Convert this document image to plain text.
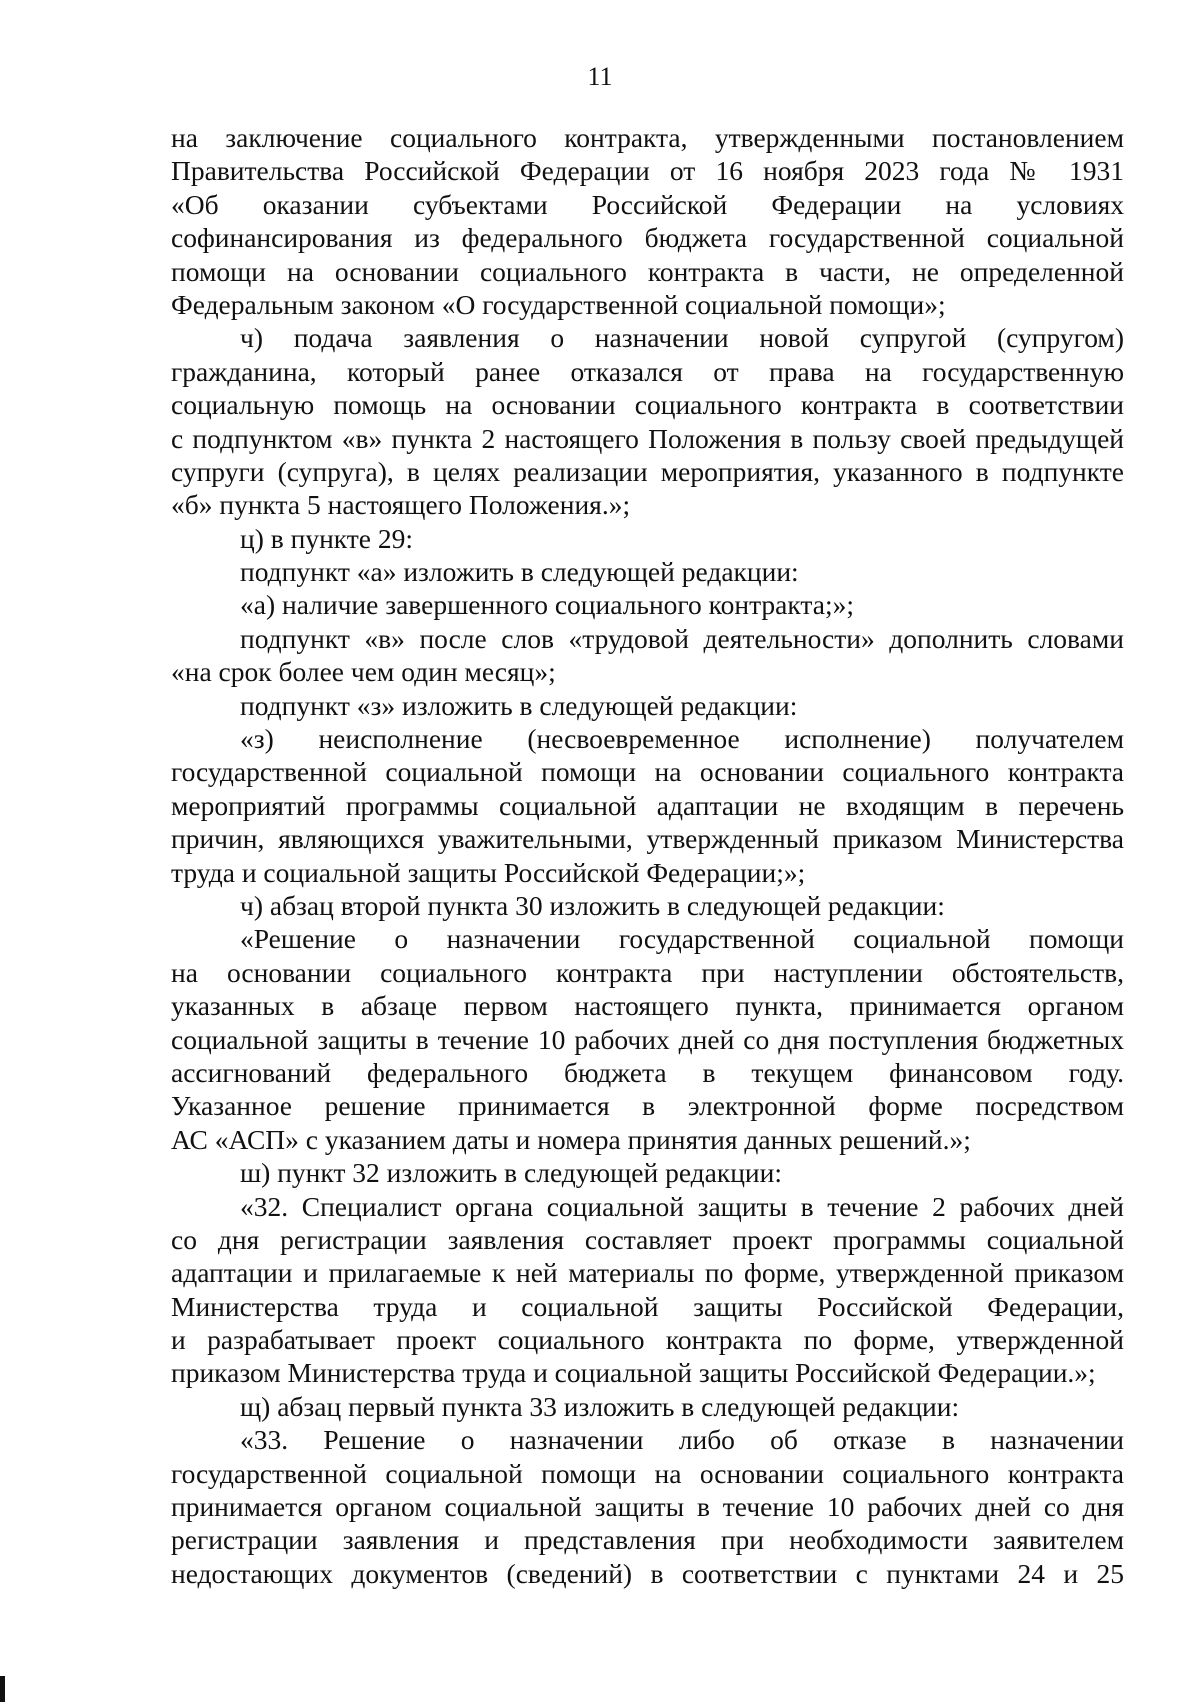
11
на заключение социального контракта, утвержденными постановлением
Правительства Российской Федерации от 16 ноября 2023 года № 1931
«Об оказании субъектами Российской Федерации на условиях
софинансирования из федерального бюджета государственной социальной
помощи на основании социального контракта в части, не определенной
Федеральным законом «О государственной социальной помощи»;
ч) подача заявления о назначении новой супругой (супругом)
гражданина, который ранее отказался от права на государственную
социальную помощь на основании социального контракта в соответствии
с подпунктом «в» пункта 2 настоящего Положения в пользу своей предыдущей
супруги (супруга), в целях реализации мероприятия, указанного в подпункте
«б» пункта 5 настоящего Положения.»;
ц) в пункте 29:
подпункт «а» изложить в следующей редакции:
«а) наличие завершенного социального контракта;»;
подпункт «в» после слов «трудовой деятельности» дополнить словами
«на срок более чем один месяц»;
подпункт «з» изложить в следующей редакции:
«з) неисполнение (несвоевременное исполнение) получателем
государственной социальной помощи на основании социального контракта
мероприятий программы социальной адаптации не входящим в перечень
причин, являющихся уважительными, утвержденный приказом Министерства
труда и социальной защиты Российской Федерации;»;
ч) абзац второй пункта 30 изложить в следующей редакции:
«Решение о назначении государственной социальной помощи
на основании социального контракта при наступлении обстоятельств,
указанных в абзаце первом настоящего пункта, принимается органом
социальной защиты в течение 10 рабочих дней со дня поступления бюджетных
ассигнований федерального бюджета в текущем финансовом году.
Указанное решение принимается в электронной форме посредством
АС «АСП» с указанием даты и номера принятия данных решений.»;
ш) пункт 32 изложить в следующей редакции:
«32. Специалист органа социальной защиты в течение 2 рабочих дней
со дня регистрации заявления составляет проект программы социальной
адаптации и прилагаемые к ней материалы по форме, утвержденной приказом
Министерства труда и социальной защиты Российской Федерации,
и разрабатывает проект социального контракта по форме, утвержденной
приказом Министерства труда и социальной защиты Российской Федерации.»;
щ) абзац первый пункта 33 изложить в следующей редакции:
«33. Решение о назначении либо об отказе в назначении
государственной социальной помощи на основании социального контракта
принимается органом социальной защиты в течение 10 рабочих дней со дня
регистрации заявления и представления при необходимости заявителем
недостающих документов (сведений) в соответствии с пунктами 24 и 25
